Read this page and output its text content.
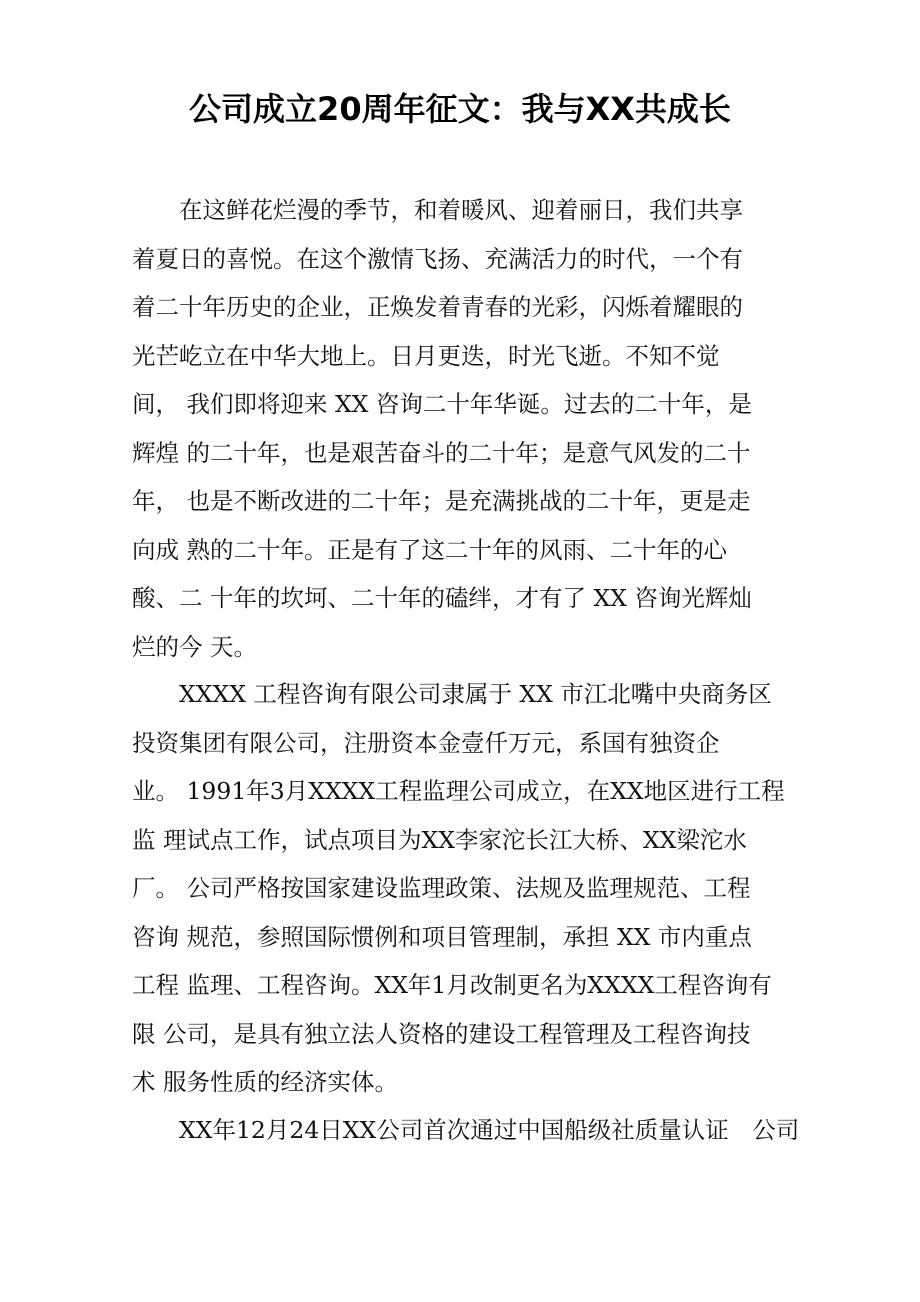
公司成立20周年征文：我与XX共成长
　　在这鲜花烂漫的季节，和着暖风、迎着丽日，我们共享
着夏日的喜悦。在这个激情飞扬、充满活力的时代，一个有
着二十年历史的企业，正焕发着青春的光彩，闪烁着耀眼的
光芒屹立在中华大地上。日月更迭，时光飞逝。不知不觉
间， 我们即将迎来 XX 咨询二十年华诞。过去的二十年，是
辉煌 的二十年，也是艰苦奋斗的二十年；是意气风发的二十
年， 也是不断改进的二十年；是充满挑战的二十年，更是走
向成 熟的二十年。正是有了这二十年的风雨、二十年的心
酸、二 十年的坎坷、二十年的磕绊，才有了 XX 咨询光辉灿
烂的今 天。
　　XXXX 工程咨询有限公司隶属于 XX 市江北嘴中央商务区
投资集团有限公司，注册资本金壹仟万元，系国有独资企
业。 1991年3月XXXX工程监理公司成立，在XX地区进行工程
监 理试点工作，试点项目为XX李家沱长江大桥、XX梁沱水
厂。 公司严格按国家建设监理政策、法规及监理规范、工程
咨询 规范，参照国际惯例和项目管理制，承担 XX 市内重点
工程 监理、工程咨询。XX年1月改制更名为XXXX工程咨询有
限 公司，是具有独立法人资格的建设工程管理及工程咨询技
术 服务性质的经济实体。
　　XX年12月24日XX公司首次通过中国船级社质量认证　公司
